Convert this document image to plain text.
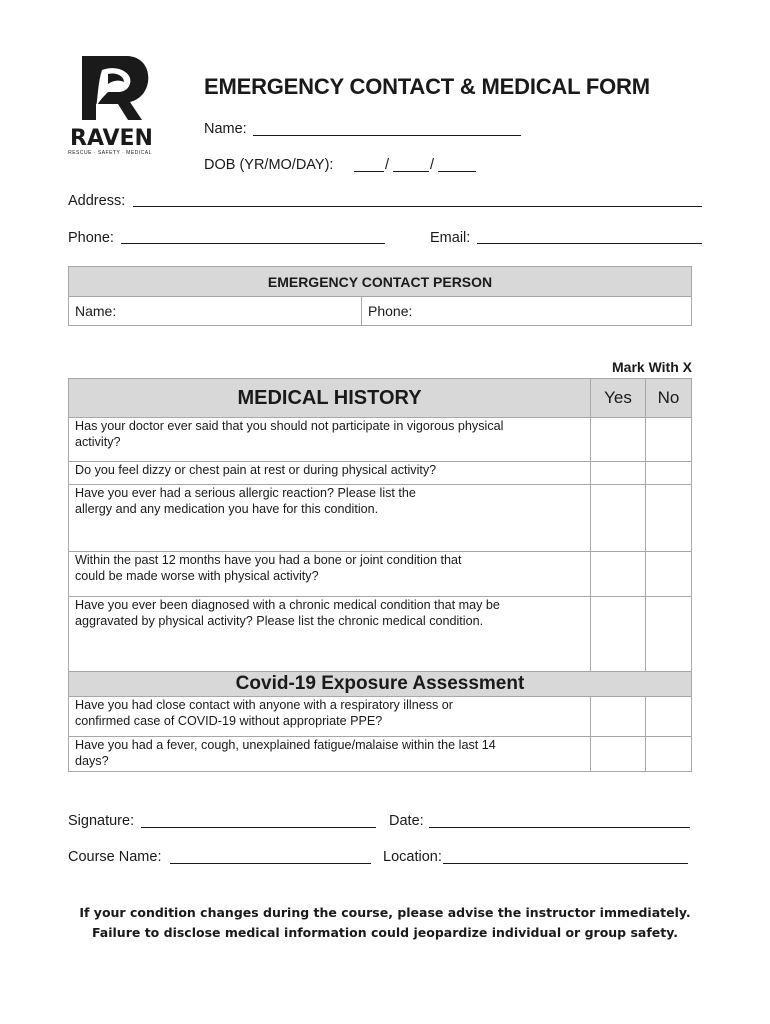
RAVEN
RESCUE · SAFETY · MEDICAL
EMERGENCY CONTACT & MEDICAL FORM
Name:
DOB (YR/MO/DAY):	/	/
Address:
Phone:	Email:
EMERGENCY CONTACT PERSON
Name:	Phone:
Mark With X
MEDICAL HISTORY	Yes	No

Has your doctor ever said that you should not participate in vigorous physical activity?		

Do you feel dizzy or chest pain at rest or during physical activity?		

Have you ever had a serious allergic reaction? Please list the allergy and any medication you have for this condition.		

Within the past 12 months have you had a bone or joint condition that could be made worse with physical activity?		

Have you ever been diagnosed with a chronic medical condition that may be aggravated by physical activity? Please list the chronic medical condition.		

Covid-19 Exposure Assessment		

Have you had close contact with anyone with a respiratory illness or confirmed case of COVID-19 without appropriate PPE?		

Have you had a fever, cough, unexplained fatigue/malaise within the last 14 days?		

Signature:	Date:
Course Name:	Location:
If your condition changes during the course, please advise the instructor immediately.
Failure to disclose medical information could jeopardize individual or group safety.
